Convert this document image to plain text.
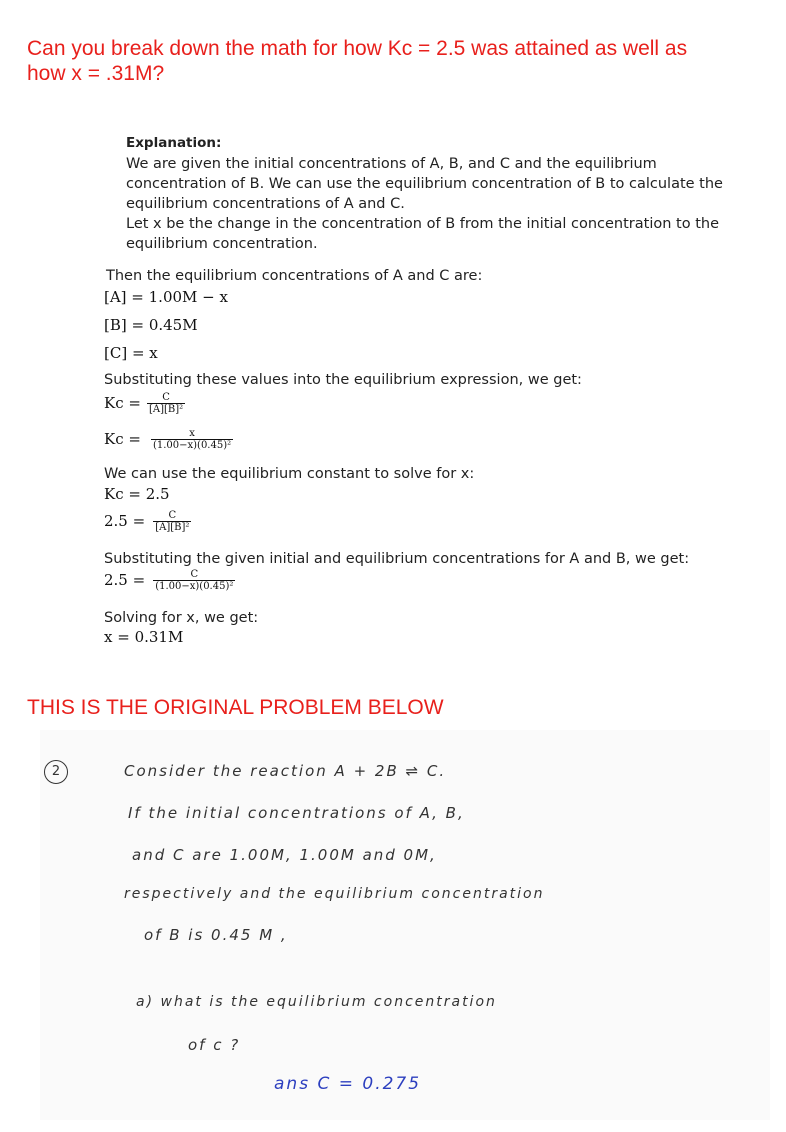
Can you break down the math for how Kc = 2.5 was attained as well as
how x = .31M?
Explanation:
We are given the initial concentrations of A, B, and C and the equilibrium
concentration of B. We can use the equilibrium concentration of B to calculate the
equilibrium concentrations of A and C.
Let x be the change in the concentration of B from the initial concentration to the
equilibrium concentration.
Then the equilibrium concentrations of A and C are:
[A] = 1.00M − x
[B] = 0.45M
[C] = x
Substituting these values into the equilibrium expression, we get:
$Kc = \frac{C}{\text{[A][B]²}}$
$Kc = \frac{x}{\text{(1.00−x)(0.45)²}}$
We can use the equilibrium constant to solve for x:
Kc = 2.5
$2.5 = \frac{C}{\text{[A][B]²}}$
Substituting the given initial and equilibrium concentrations for A and B, we get:
$2.5 = \frac{C}{\text{(1.00−x)(0.45)²}}$
Solving for x, we get:
x = 0.31M
THIS IS THE ORIGINAL PROBLEM BELOW
2	Consider the reaction A + 2B ⇌ C.
If the initial concentrations of A, B,
and C are 1.00M, 1.00M and 0M,
respectively and the equilibrium concentration
of B is 0.45 M ,
a) what is the equilibrium concentration
of c ?
ans C = 0.275
